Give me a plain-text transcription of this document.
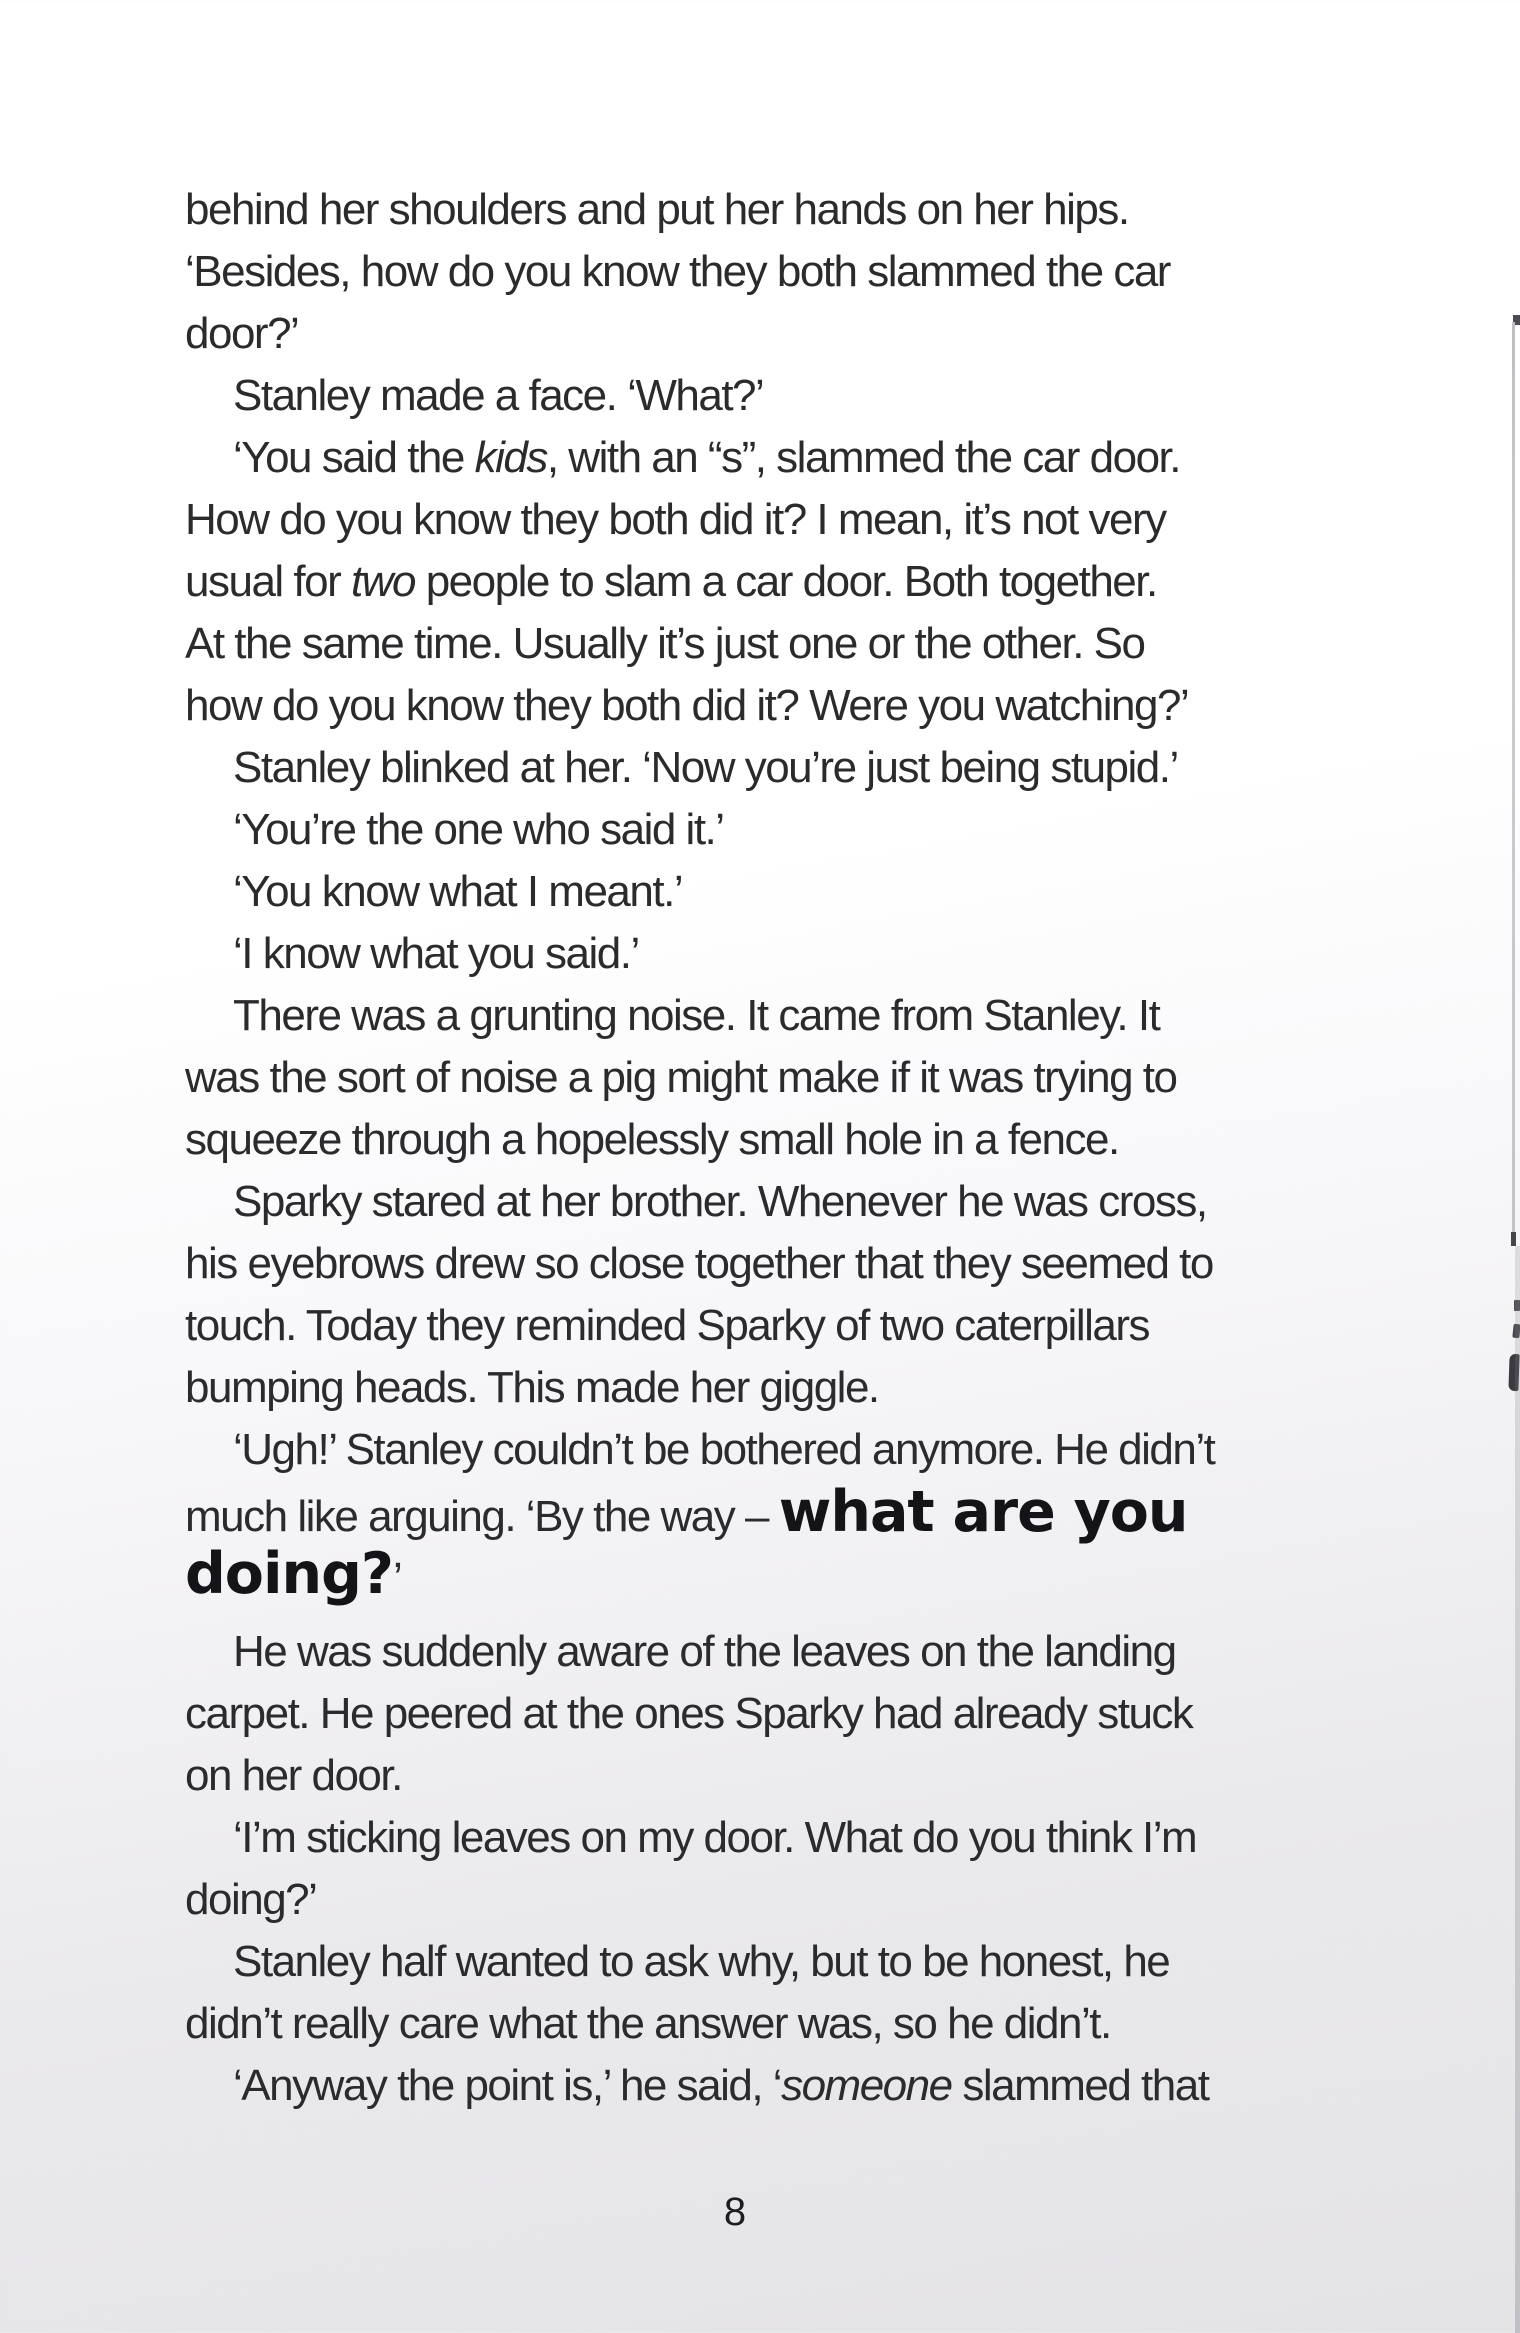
behind her shoulders and put her hands on her hips.
‘Besides, how do you know they both slammed the car
door?’
Stanley made a face. ‘What?’
‘You said the kids, with an “s”, slammed the car door.
How do you know they both did it? I mean, it’s not very
usual for two people to slam a car door. Both together.
At the same time. Usually it’s just one or the other. So
how do you know they both did it? Were you watching?’
Stanley blinked at her. ‘Now you’re just being stupid.’
‘You’re the one who said it.’
‘You know what I meant.’
‘I know what you said.’
There was a grunting noise. It came from Stanley. It
was the sort of noise a pig might make if it was trying to
squeeze through a hopelessly small hole in a fence.
Sparky stared at her brother. Whenever he was cross,
his eyebrows drew so close together that they seemed to
touch. Today they reminded Sparky of two caterpillars
bumping heads. This made her giggle.
‘Ugh!’ Stanley couldn’t be bothered anymore. He didn’t
much like arguing. ‘By the way – what are you
doing?’
He was suddenly aware of the leaves on the landing
carpet. He peered at the ones Sparky had already stuck
on her door.
‘I’m sticking leaves on my door. What do you think I’m
doing?’
Stanley half wanted to ask why, but to be honest, he
didn’t really care what the answer was, so he didn’t.
‘Anyway the point is,’ he said, ‘someone slammed that
8
